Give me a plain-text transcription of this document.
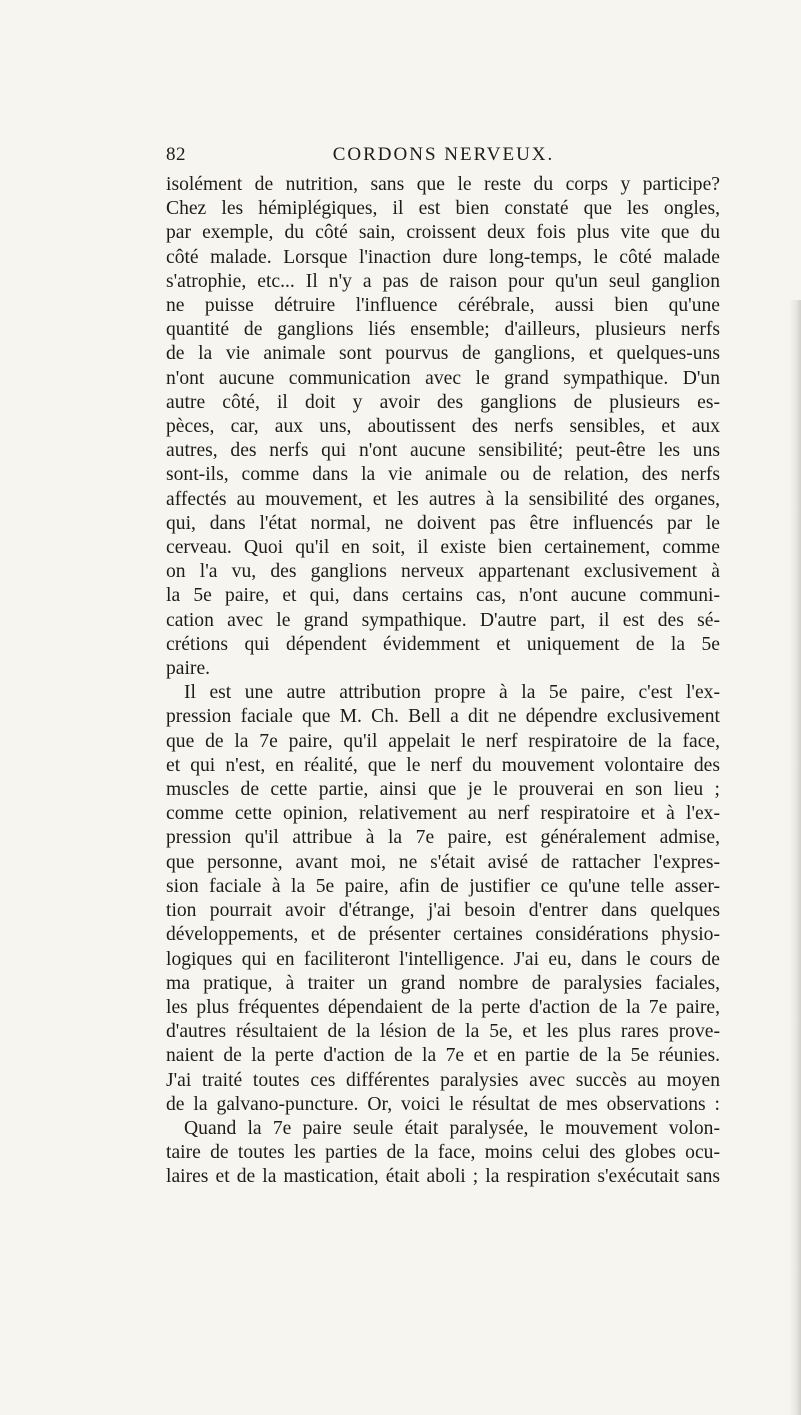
82	CORDONS NERVEUX.
isolément de nutrition, sans que le reste du corps y participe?
Chez les hémiplégiques, il est bien constaté que les ongles,
par exemple, du côté sain, croissent deux fois plus vite que du
côté malade. Lorsque l'inaction dure long-temps, le côté malade
s'atrophie, etc... Il n'y a pas de raison pour qu'un seul ganglion
ne puisse détruire l'influence cérébrale, aussi bien qu'une
quantité de ganglions liés ensemble; d'ailleurs, plusieurs nerfs
de la vie animale sont pourvus de ganglions, et quelques-uns
n'ont aucune communication avec le grand sympathique. D'un
autre côté, il doit y avoir des ganglions de plusieurs es-
pèces, car, aux uns, aboutissent des nerfs sensibles, et aux
autres, des nerfs qui n'ont aucune sensibilité; peut-être les uns
sont-ils, comme dans la vie animale ou de relation, des nerfs
affectés au mouvement, et les autres à la sensibilité des organes,
qui, dans l'état normal, ne doivent pas être influencés par le
cerveau. Quoi qu'il en soit, il existe bien certainement, comme
on l'a vu, des ganglions nerveux appartenant exclusivement à
la 5e paire, et qui, dans certains cas, n'ont aucune communi-
cation avec le grand sympathique. D'autre part, il est des sé-
crétions qui dépendent évidemment et uniquement de la 5e
paire.
Il est une autre attribution propre à la 5e paire, c'est l'ex-
pression faciale que M. Ch. Bell a dit ne dépendre exclusivement
que de la 7e paire, qu'il appelait le nerf respiratoire de la face,
et qui n'est, en réalité, que le nerf du mouvement volontaire des
muscles de cette partie, ainsi que je le prouverai en son lieu ;
comme cette opinion, relativement au nerf respiratoire et à l'ex-
pression qu'il attribue à la 7e paire, est généralement admise,
que personne, avant moi, ne s'était avisé de rattacher l'expres-
sion faciale à la 5e paire, afin de justifier ce qu'une telle asser-
tion pourrait avoir d'étrange, j'ai besoin d'entrer dans quelques
développements, et de présenter certaines considérations physio-
logiques qui en faciliteront l'intelligence. J'ai eu, dans le cours de
ma pratique, à traiter un grand nombre de paralysies faciales,
les plus fréquentes dépendaient de la perte d'action de la 7e paire,
d'autres résultaient de la lésion de la 5e, et les plus rares prove-
naient de la perte d'action de la 7e et en partie de la 5e réunies.
J'ai traité toutes ces différentes paralysies avec succès au moyen
de la galvano-puncture. Or, voici le résultat de mes observations :
Quand la 7e paire seule était paralysée, le mouvement volon-
taire de toutes les parties de la face, moins celui des globes ocu-
laires et de la mastication, était aboli ; la respiration s'exécutait sans
